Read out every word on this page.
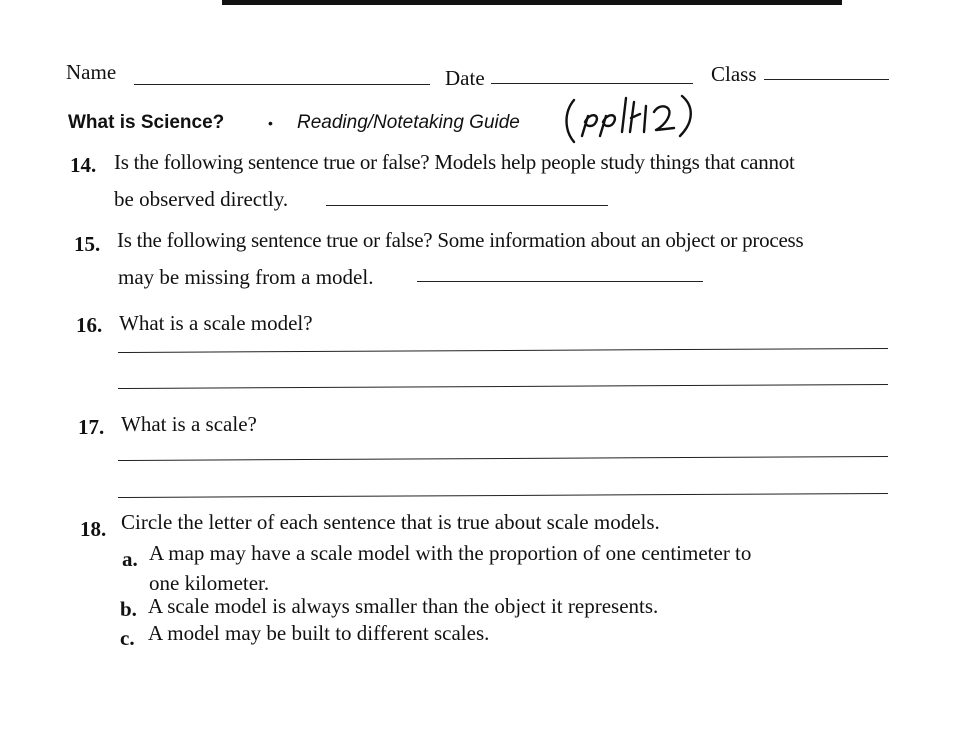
Name	Date	Class
What is Science?	• Reading/Notetaking Guide
14. Is the following sentence true or false? Models help people study things that cannot
be observed directly.
15. Is the following sentence true or false? Some information about an object or process
may be missing from a model.
16. What is a scale model?
17. What is a scale?
18. Circle the letter of each sentence that is true about scale models.
a. A map may have a scale model with the proportion of one centimeter to
one kilometer.
b. A scale model is always smaller than the object it represents.
c. A model may be built to different scales.
